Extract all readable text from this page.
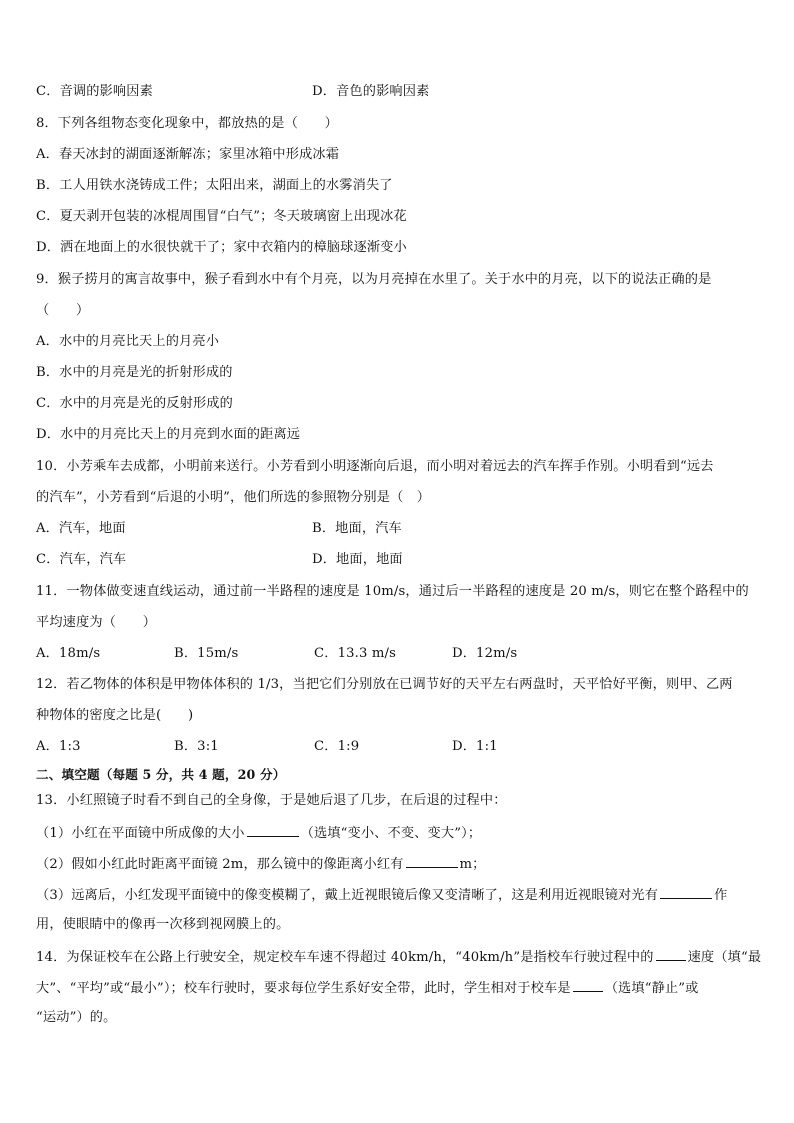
C．音调的影响因素	D．音色的影响因素
8．下列各组物态变化现象中，都放热的是（　　）
A．春天冰封的湖面逐渐解冻；家里冰箱中形成冰霜
B．工人用铁水浇铸成工件；太阳出来，湖面上的水雾消失了
C．夏天剥开包装的冰棍周围冒“白气”；冬天玻璃窗上出现冰花
D．洒在地面上的水很快就干了；家中衣箱内的樟脑球逐渐变小
9．猴子捞月的寓言故事中，猴子看到水中有个月亮，以为月亮掉在水里了。关于水中的月亮，以下的说法正确的是
（　　）
A．水中的月亮比天上的月亮小
B．水中的月亮是光的折射形成的
C．水中的月亮是光的反射形成的
D．水中的月亮比天上的月亮到水面的距离远
10．小芳乘车去成都，小明前来送行。小芳看到小明逐渐向后退，而小明对着远去的汽车挥手作别。小明看到“远去
的汽车”，小芳看到“后退的小明”，他们所选的参照物分别是（　）
A．汽车，地面	B．地面，汽车
C．汽车，汽车	D．地面，地面
11．一物体做变速直线运动，通过前一半路程的速度是 10m/s，通过后一半路程的速度是 20 m/s，则它在整个路程中的
平均速度为（　　）
A．18m/s	B．15m/s	C．13.3 m/s	D．12m/s
12．若乙物体的体积是甲物体体积的 1/3，当把它们分别放在已调节好的天平左右两盘时，天平恰好平衡，则甲、乙两
种物体的密度之比是(　　)
A．1:3	B．3:1	C．1:9	D．1:1
二、填空题（每题 5 分，共 4 题，20 分）
13．小红照镜子时看不到自己的全身像，于是她后退了几步，在后退的过程中：
（1）小红在平面镜中所成像的大小	（选填“变小、不变、变大”）；
（2）假如小红此时距离平面镜 2m，那么镜中的像距离小红有	m；
（3）远离后，小红发现平面镜中的像变模糊了，戴上近视眼镜后像又变清晰了，这是利用近视眼镜对光有	作
用，使眼睛中的像再一次移到视网膜上的。
14．为保证校车在公路上行驶安全，规定校车车速不得超过 40km/h，“40km/h”是指校车行驶过程中的	速度（填“最
大”、“平均”或“最小”）；校车行驶时，要求每位学生系好安全带，此时，学生相对于校车是	（选填“静止”或
“运动”）的。
